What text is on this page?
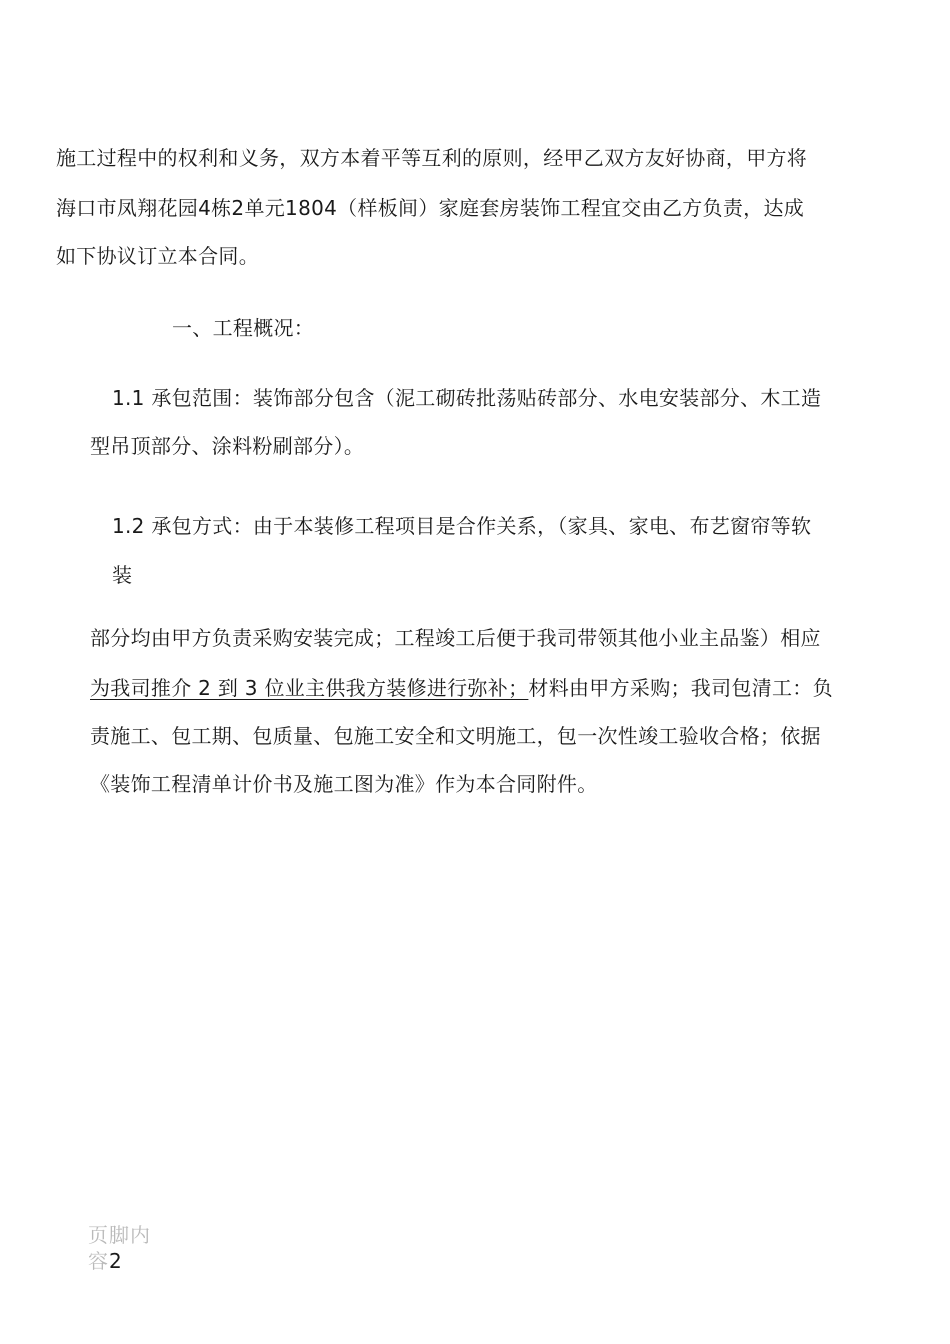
施工过程中的权利和义务，双方本着平等互利的原则，经甲乙双方友好协商，甲方将
海口市凤翔花园4栋2单元1804（样板间）家庭套房装饰工程宜交由乙方负责，达成
如下协议订立本合同。
一、工程概况：
1.1 承包范围：装饰部分包含（泥工砌砖批荡贴砖部分、水电安装部分、木工造
型吊顶部分、涂料粉刷部分）。
1.2 承包方式：由于本装修工程项目是合作关系，（家具、家电、布艺窗帘等软
装
部分均由甲方负责采购安装完成；工程竣工后便于我司带领其他小业主品鉴）相应
为我司推介 2 到 3 位业主供我方装修进行弥补；材料由甲方采购；我司包清工：负
责施工、包工期、包质量、包施工安全和文明施工，包一次性竣工验收合格；依据
《装饰工程清单计价书及施工图为准》作为本合同附件。
页脚内容2
